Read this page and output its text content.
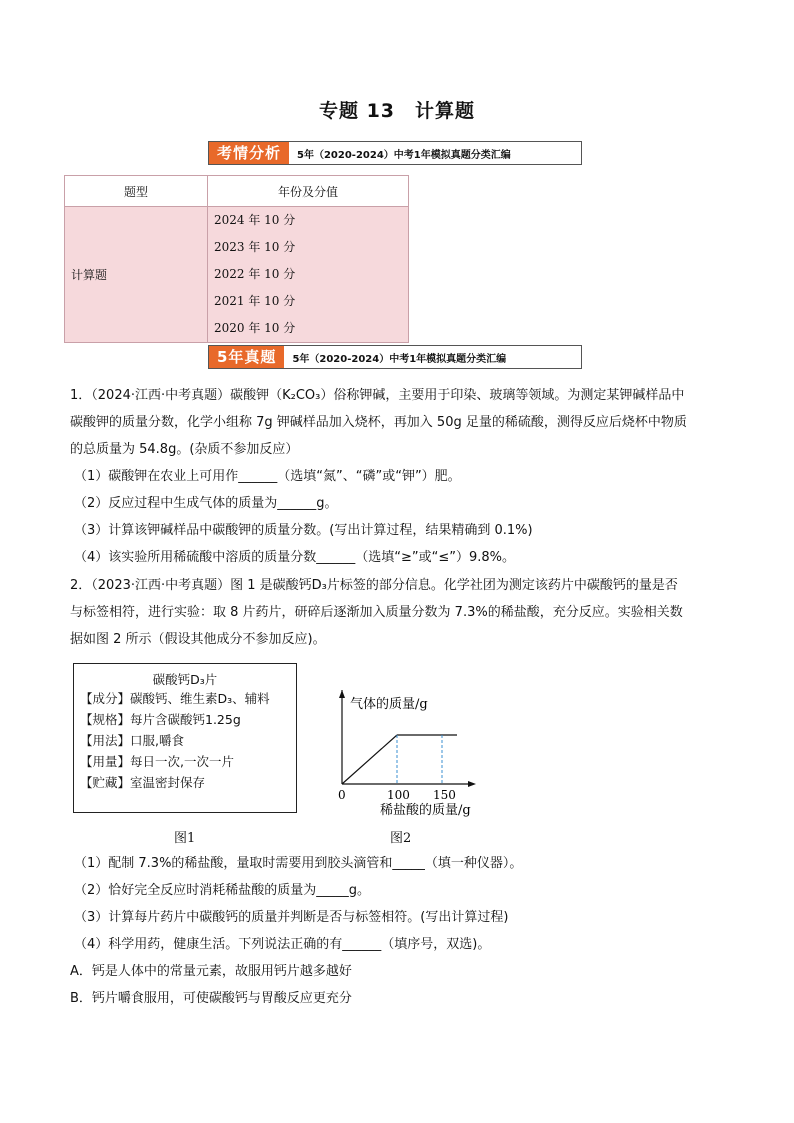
专题 13　计算题
考情分析	5年（2020-2024）中考1年模拟真题分类汇编
题型	年份及分值
计算题	2024 年 10 分
2023 年 10 分
2022 年 10 分
2021 年 10 分
2020 年 10 分
5年真题	5年（2020-2024）中考1年模拟真题分类汇编
1．（2024·江西·中考真题）碳酸钾（K₂CO₃）俗称钾碱，主要用于印染、玻璃等领域。为测定某钾碱样品中
碳酸钾的质量分数，化学小组称 7g 钾碱样品加入烧杯，再加入 50g 足量的稀硫酸，测得反应后烧杯中物质
的总质量为 54.8g。(杂质不参加反应）
（1）碳酸钾在农业上可用作______（选填“氮”、“磷”或“钾”）肥。
（2）反应过程中生成气体的质量为______g。
（3）计算该钾碱样品中碳酸钾的质量分数。(写出计算过程，结果精确到 0.1%)
（4）该实验所用稀硫酸中溶质的质量分数______（选填“≥”或“≤”）9.8%。
2．（2023·江西·中考真题）图 1 是碳酸钙D₃片标签的部分信息。化学社团为测定该药片中碳酸钙的量是否
与标签相符，进行实验：取 8 片药片，研碎后逐渐加入质量分数为 7.3%的稀盐酸，充分反应。实验相关数
据如图 2 所示（假设其他成分不参加反应)。
碳酸钙D₃片
【成分】碳酸钙、维生素D₃、辅料
【规格】每片含碳酸钙1.25g
【用法】口服,嚼食
【用量】每日一次,一次一片
【贮藏】室温密封保存
图1
气体的质量/g
0	100 150
稀盐酸的质量/g
图2
（1）配制 7.3%的稀盐酸，量取时需要用到胶头滴管和_____（填一种仪器）。
（2）恰好完全反应时消耗稀盐酸的质量为_____g。
（3）计算每片药片中碳酸钙的质量并判断是否与标签相符。(写出计算过程)
（4）科学用药，健康生活。下列说法正确的有______（填序号，双选)。
A．钙是人体中的常量元素，故服用钙片越多越好
B．钙片嚼食服用，可使碳酸钙与胃酸反应更充分
